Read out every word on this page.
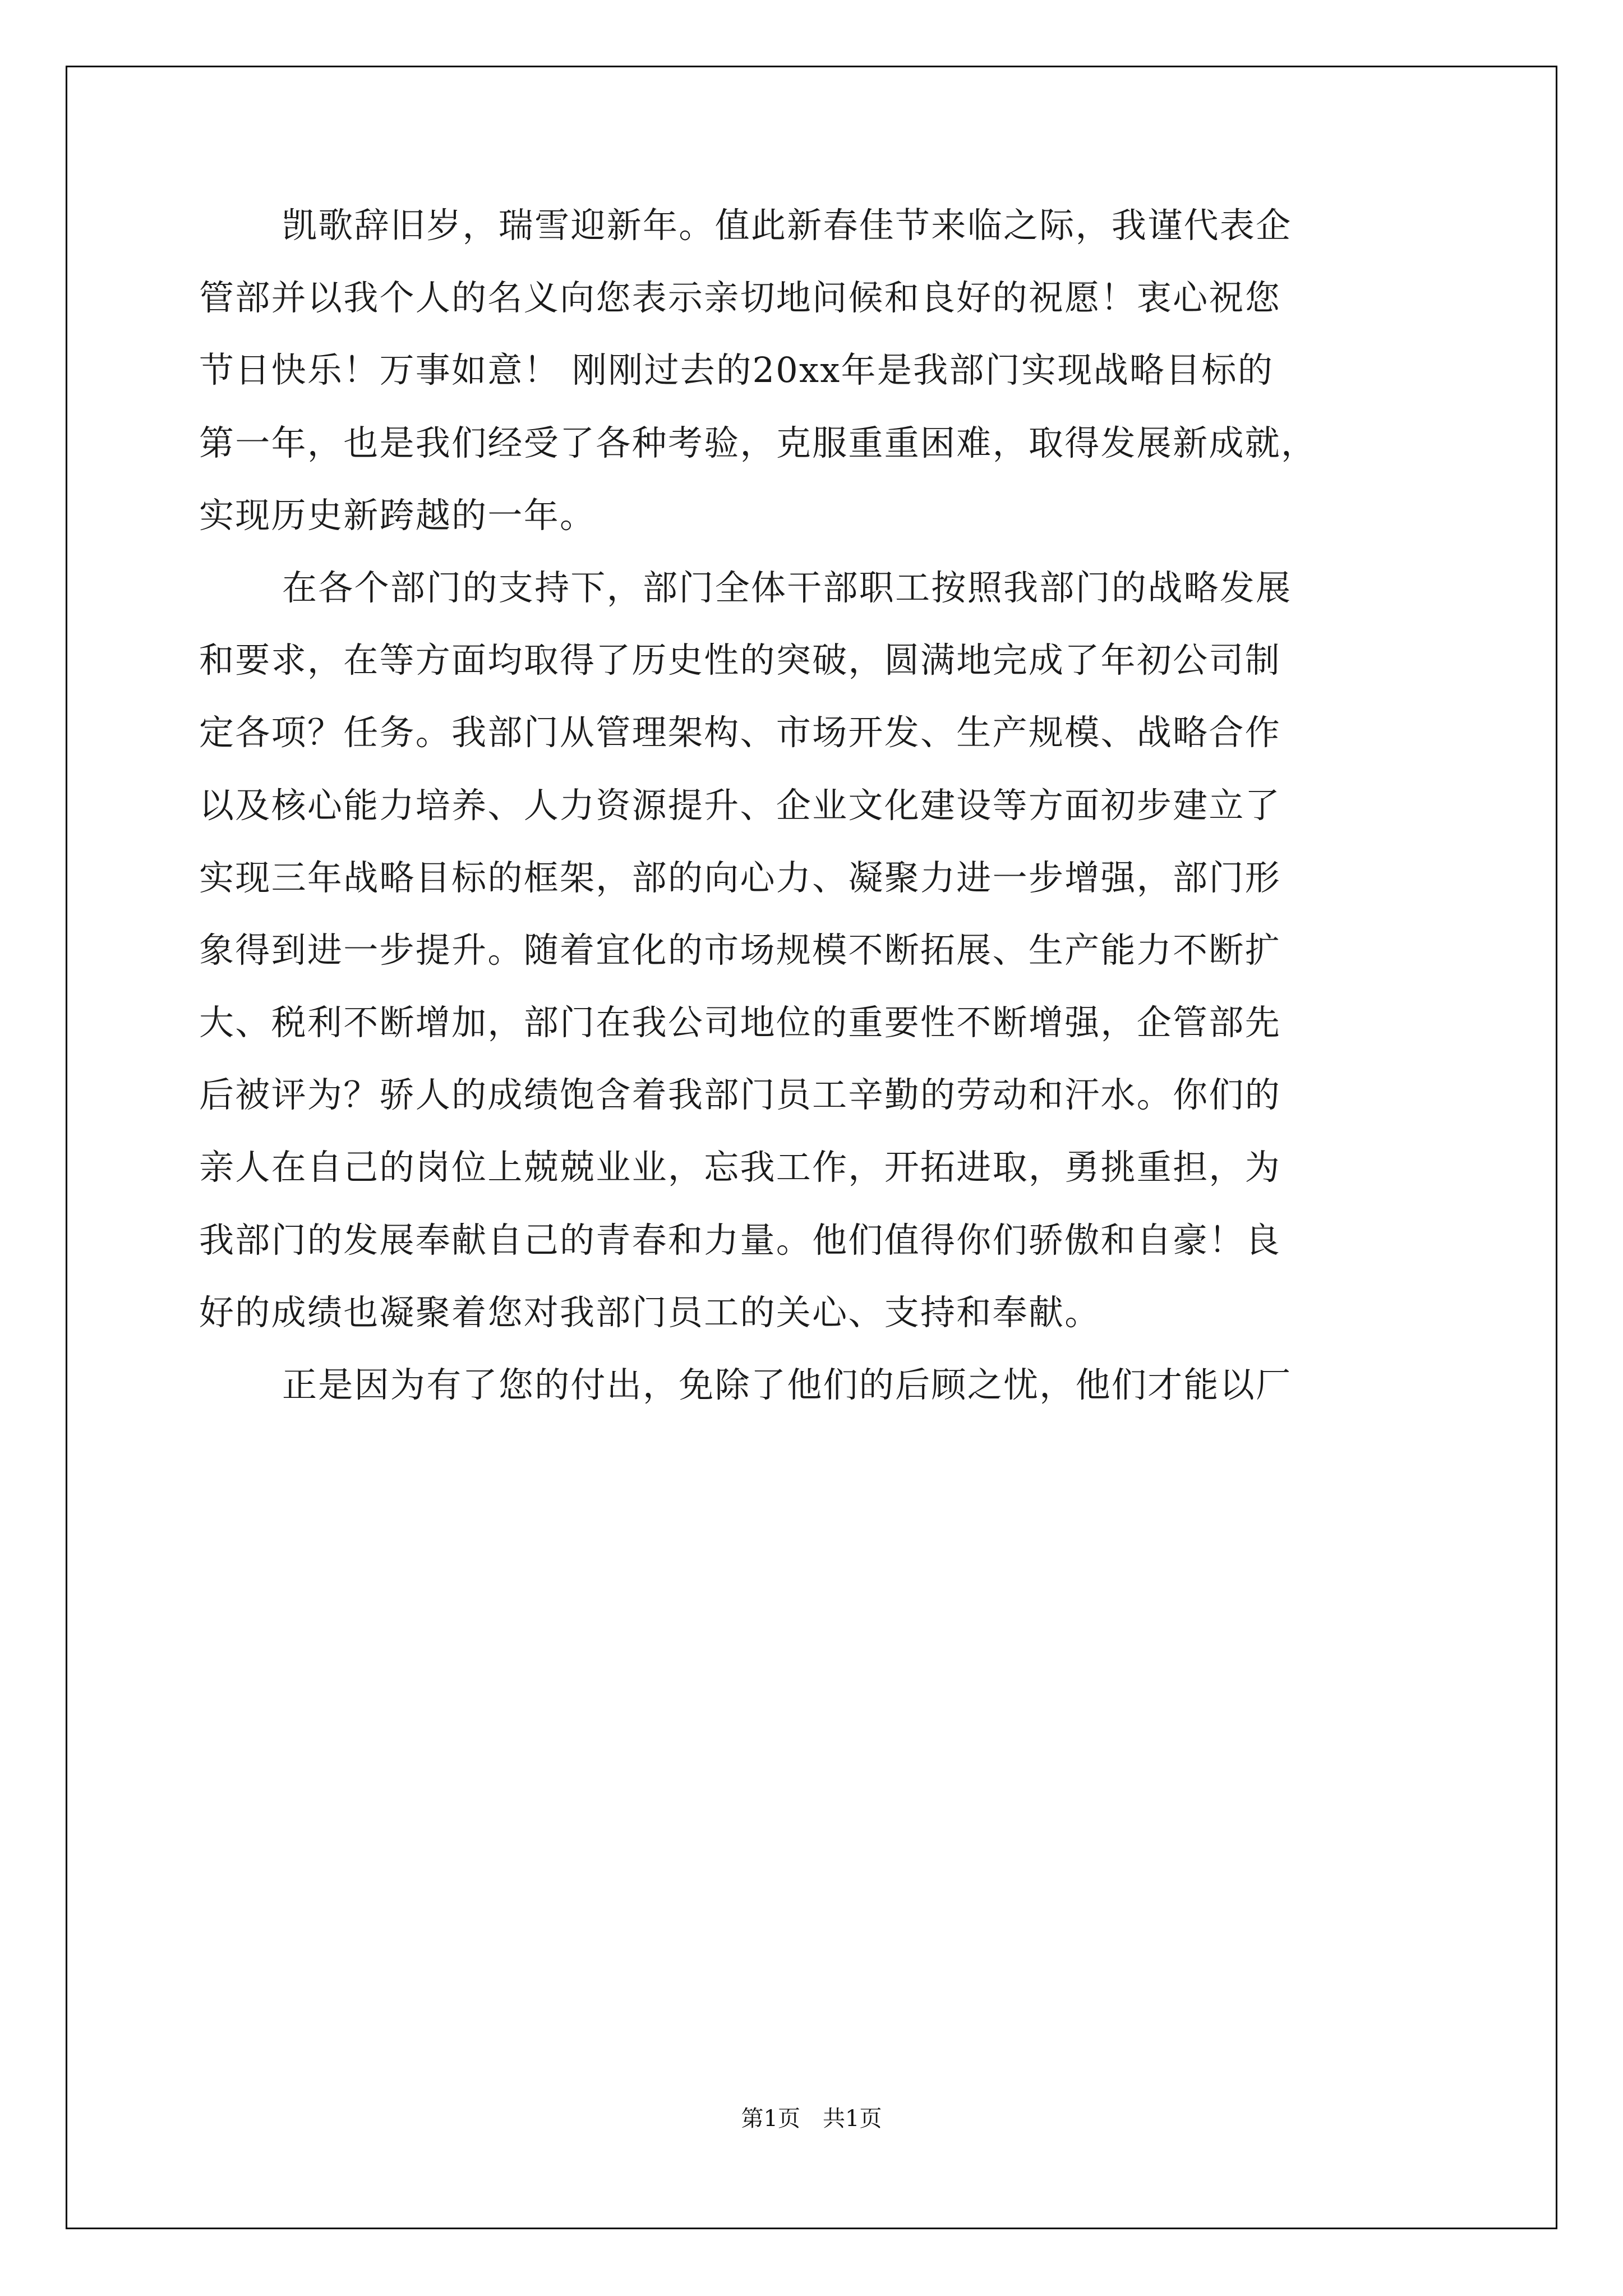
凯歌辞旧岁，瑞雪迎新年。值此新春佳节来临之际，我谨代表企
管部并以我个人的名义向您表示亲切地问候和良好的祝愿！衷心祝您
节日快乐！万事如意！ 刚刚过去的20xx年是我部门实现战略目标的
第一年，也是我们经受了各种考验，克服重重困难，取得发展新成就，
实现历史新跨越的一年。
在各个部门的支持下，部门全体干部职工按照我部门的战略发展
和要求，在等方面均取得了历史性的突破，圆满地完成了年初公司制
定各项？任务。我部门从管理架构、市场开发、生产规模、战略合作
以及核心能力培养、人力资源提升、企业文化建设等方面初步建立了
实现三年战略目标的框架，部的向心力、凝聚力进一步增强，部门形
象得到进一步提升。随着宜化的市场规模不断拓展、生产能力不断扩
大、税利不断增加，部门在我公司地位的重要性不断增强，企管部先
后被评为？骄人的成绩饱含着我部门员工辛勤的劳动和汗水。你们的
亲人在自己的岗位上兢兢业业，忘我工作，开拓进取，勇挑重担，为
我部门的发展奉献自己的青春和力量。他们值得你们骄傲和自豪！良
好的成绩也凝聚着您对我部门员工的关心、支持和奉献。
正是因为有了您的付出，免除了他们的后顾之忧，他们才能以厂
第1页 共1页
